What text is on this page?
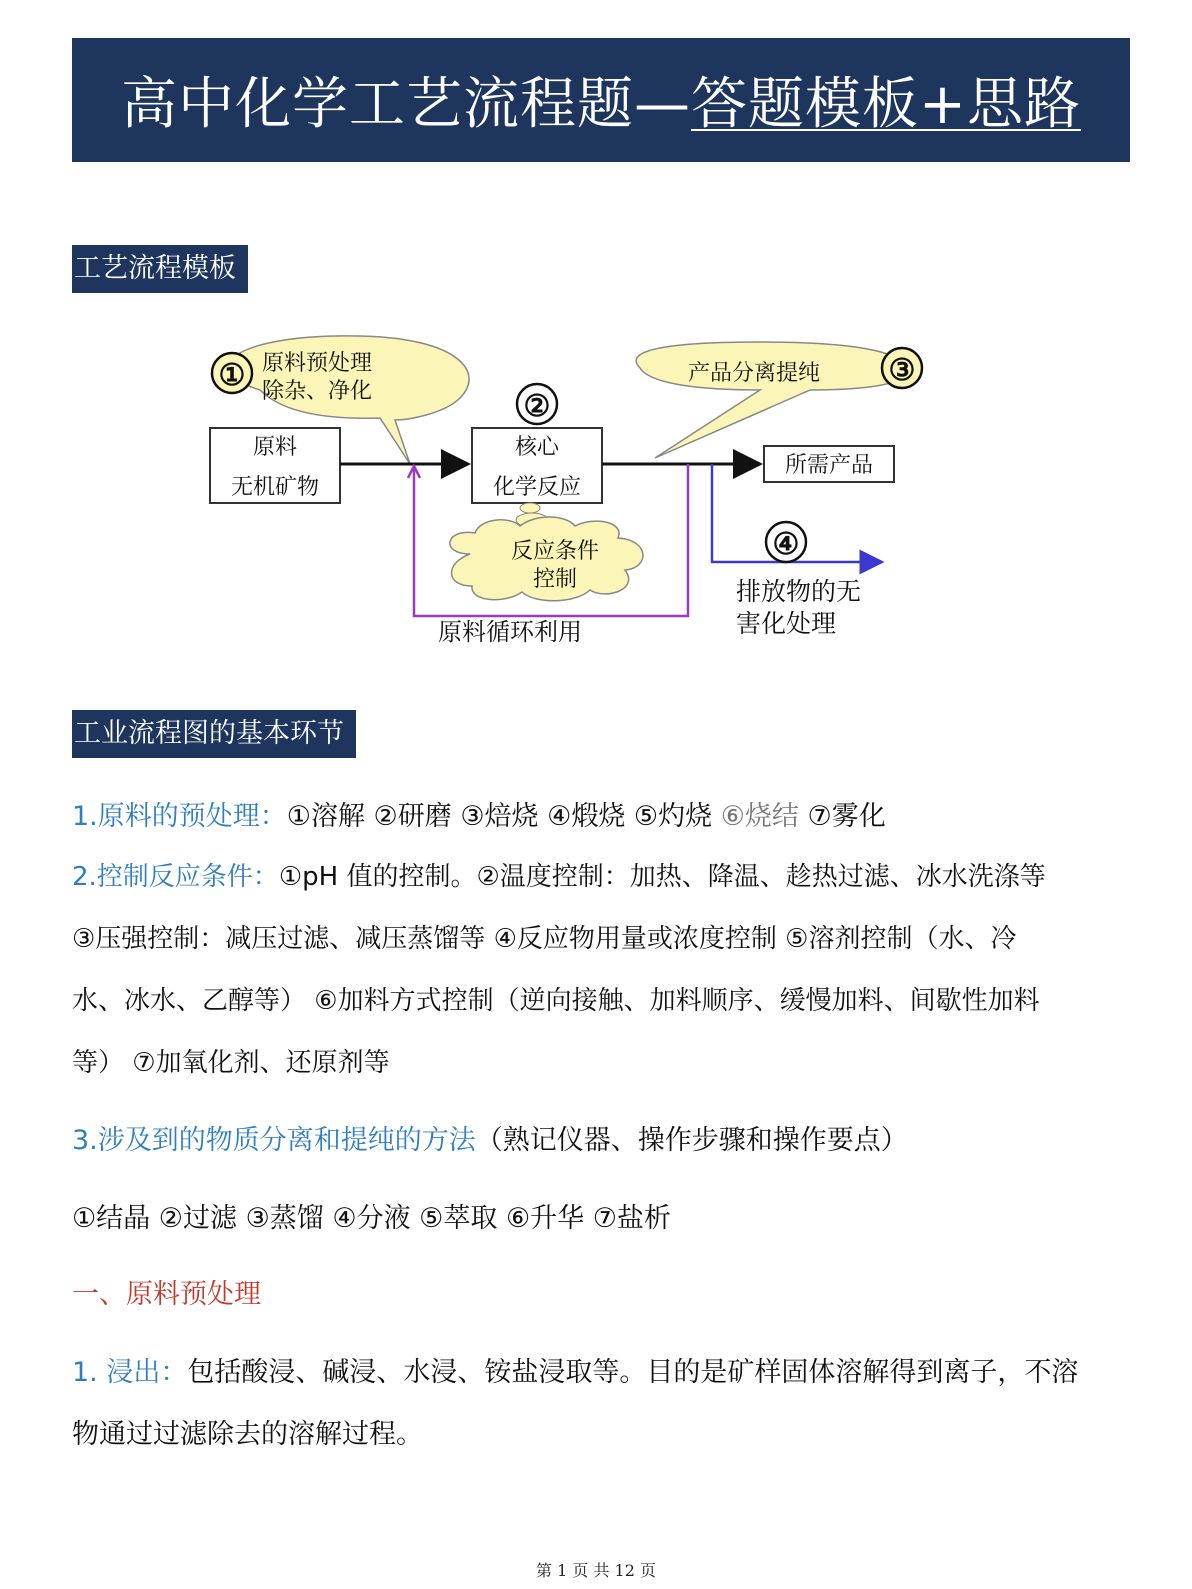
高中化学工艺流程题—答题模板+思路
工艺流程模板
① 原料预处理
除杂、净化
产品分离提纯 ③
②
原料
无机矿物
核心
化学反应
所需产品
原料循环利用
④
排放物的无
害化处理
反应条件
控制
工业流程图的基本环节
1.原料的预处理：①溶解 ②研磨 ③焙烧 ④煅烧 ⑤灼烧 ⑥烧结 ⑦雾化
2.控制反应条件：①pH 值的控制。②温度控制：加热、降温、趁热过滤、冰水洗涤等
③压强控制：减压过滤、减压蒸馏等 ④反应物用量或浓度控制 ⑤溶剂控制（水、冷
水、冰水、乙醇等） ⑥加料方式控制（逆向接触、加料顺序、缓慢加料、间歇性加料
等） ⑦加氧化剂、还原剂等
3.涉及到的物质分离和提纯的方法（熟记仪器、操作步骤和操作要点）
①结晶 ②过滤 ③蒸馏 ④分液 ⑤萃取 ⑥升华 ⑦盐析
一、原料预处理
1. 浸出：包括酸浸、碱浸、水浸、铵盐浸取等。目的是矿样固体溶解得到离子，不溶
物通过过滤除去的溶解过程。
第 1 页 共 12 页
